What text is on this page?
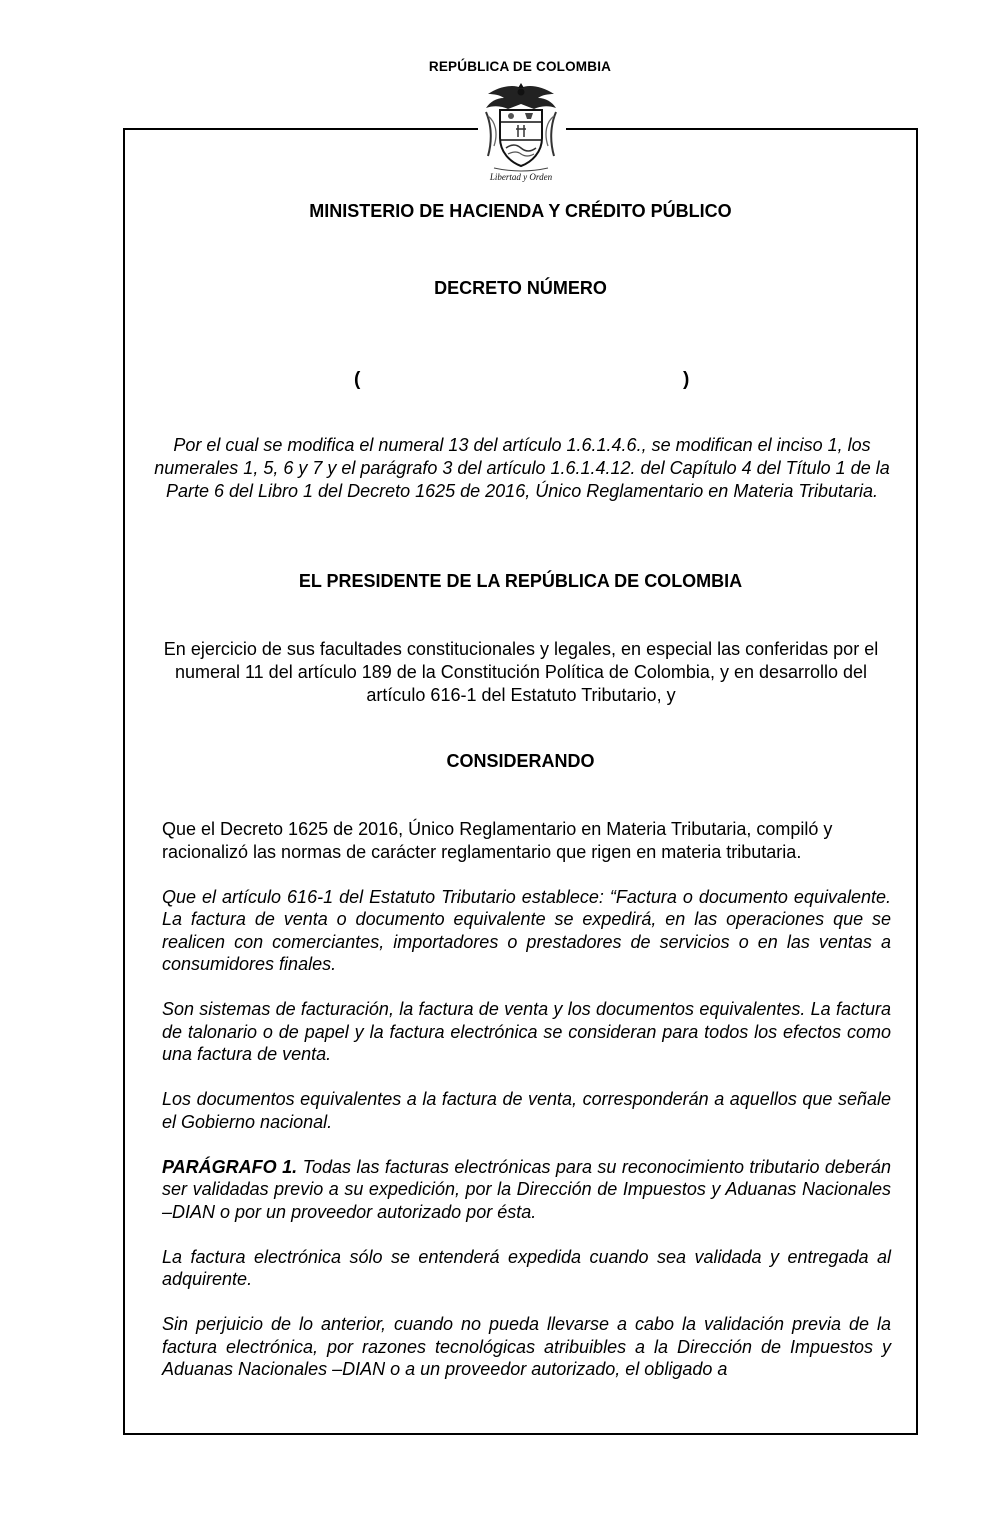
REPÚBLICA DE COLOMBIA
Libertad y Orden
MINISTERIO DE HACIENDA Y CRÉDITO PÚBLICO
DECRETO NÚMERO
(	)
Por el cual se modifica el numeral 13 del artículo 1.6.1.4.6., se modifican el inciso 1, los numerales 1, 5, 6 y 7 y el parágrafo 3 del artículo 1.6.1.4.12. del Capítulo 4 del Título 1 de la Parte 6 del Libro 1 del Decreto 1625 de 2016, Único Reglamentario en Materia Tributaria.
EL PRESIDENTE DE LA REPÚBLICA DE COLOMBIA
En ejercicio de sus facultades constitucionales y legales, en especial las conferidas por el numeral 11 del artículo 189 de la Constitución Política de Colombia, y en desarrollo del artículo 616-1 del Estatuto Tributario, y
CONSIDERANDO

Que el Decreto 1625 de 2016, Único Reglamentario en Materia Tributaria, compiló y racionalizó las normas de carácter reglamentario que rigen en materia tributaria.

Que el artículo 616-1 del Estatuto Tributario establece: “Factura o documento equivalente. La factura de venta o documento equivalente se expedirá, en las operaciones que se realicen con comerciantes, importadores o prestadores de servicios o en las ventas a consumidores finales.

Son sistemas de facturación, la factura de venta y los documentos equivalentes. La factura de talonario o de papel y la factura electrónica se consideran para todos los efectos como una factura de venta.

Los documentos equivalentes a la factura de venta, corresponderán a aquellos que señale el Gobierno nacional.

PARÁGRAFO 1. Todas las facturas electrónicas para su reconocimiento tributario deberán ser validadas previo a su expedición, por la Dirección de Impuestos y Aduanas Nacionales –DIAN o por un proveedor autorizado por ésta.

La factura electrónica sólo se entenderá expedida cuando sea validada y entregada al adquirente.

Sin perjuicio de lo anterior, cuando no pueda llevarse a cabo la validación previa de la factura electrónica, por razones tecnológicas atribuibles a la Dirección de Impuestos y Aduanas Nacionales –DIAN o a un proveedor autorizado, el obligado a
